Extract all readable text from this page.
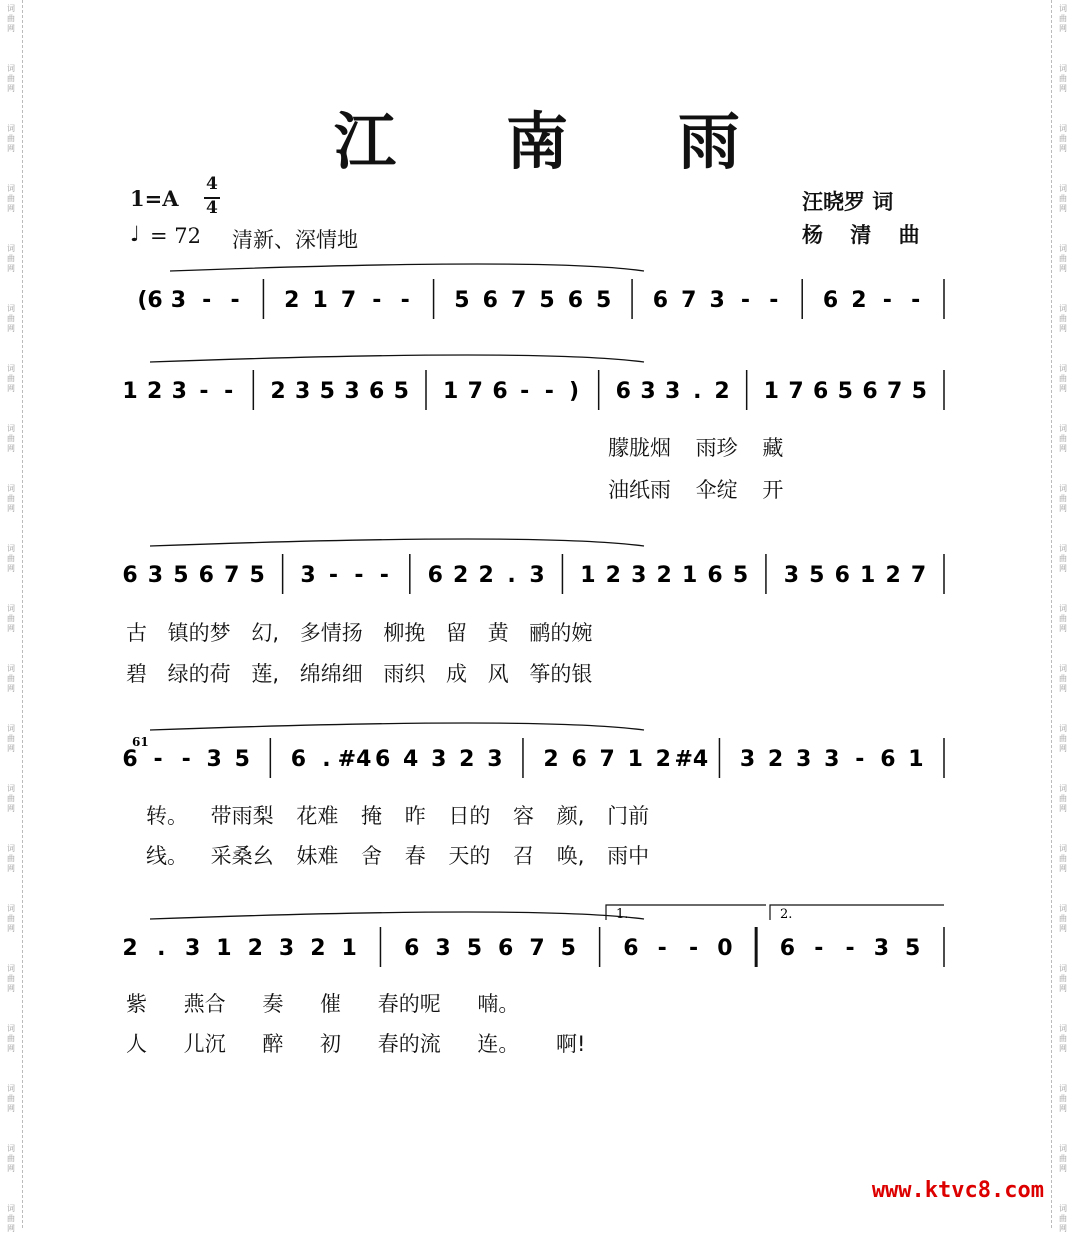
词
曲
网
词
曲
网
词
曲
网
词
曲
网
词
曲
网
词
曲
网
词
曲
网
词
曲
网
词
曲
网
词
曲
网
词
曲
网
词
曲
网
词
曲
网
词
曲
网
词
曲
网
词
曲
网
词
曲
网
词
曲
网
词
曲
网
词
曲
网
词
曲
网
词
曲
网
词
曲
网
词
曲
网
词
曲
网
词
曲
网
词
曲
网
词
曲
网
词
曲
网
词
曲
网
词
曲
网
词
曲
网
词
曲
网
词
曲
网
词
曲
网
词
曲
网
词
曲
网
词
曲
网
词
曲
网
词
曲
网
词
曲
网
词
曲
网
江南雨
1=A
4
4
♩ = 72 清新、深情地
汪晓罗 词
杨 清 曲
(6 3 - - 2 1 7 - - 5 6 7 5 6 5 6 7 3 - - 6 2 - -
1 2 3 - - 2 3 5 3 6 5 1 7 6 - - ) 6 3 3 . 2 1 7 6 5 6 7 5
6 3 5 6 7 5 3 - - - 6 2 2 . 3 1 2 3 2 1 6 5 3 5 6 1 2 7
6 - - 3 5 6 . #4 6 4 3 2 3 2 6 7 1 2 #4 3 2 3 3 - 6 1
61
2 . 3 1 2 3 2 1 6 3 5 6 7 5 6 - - 0 6 - - 3 5
1.	2.
朦胧烟 雨珍 藏
油纸雨 伞绽 开
古 镇的梦 幻, 多情扬 柳挽 留 黄 鹂的婉
碧 绿的荷 莲, 绵绵细 雨织 成 风 筝的银
转。 带雨梨 花难 掩 昨 日的 容 颜, 门前
线。 采桑幺 妹难 舍 春 天的 召 唤, 雨中
紫 燕合 奏 催 春的呢 喃。
人 儿沉 醉 初 春的流 连。 啊!
www.ktvc8.com
